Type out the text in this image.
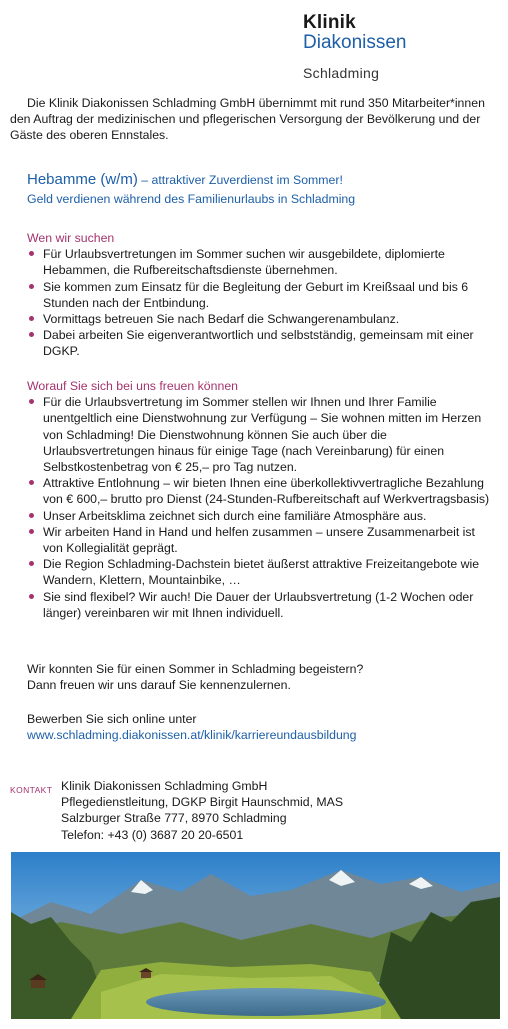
Klinik
Diakonissen
Schladming

Die Klinik Diakonissen Schladming GmbH übernimmt mit rund 350 Mitarbeiter*innen den Auftrag der medizinischen und pflegerischen Versorgung der Bevölkerung und der Gäste des oberen Ennstales.

Hebamme (w/m) – attraktiver Zuverdienst im Sommer!
Geld verdienen während des Familienurlaubs in Schladming

Wen wir suchen

Für Urlaubsvertretungen im Sommer suchen wir ausgebildete, diplomierte Hebammen, die Rufbereitschaftsdienste übernehmen.
Sie kommen zum Einsatz für die Begleitung der Geburt im Kreißsaal und bis 6 Stunden nach der Entbindung.
Vormittags betreuen Sie nach Bedarf die Schwangerenambulanz.
Dabei arbeiten Sie eigenverantwortlich und selbstständig, gemeinsam mit einer DGKP.

Worauf Sie sich bei uns freuen können

Für die Urlaubsvertretung im Sommer stellen wir Ihnen und Ihrer Familie unentgeltlich eine Dienstwohnung zur Verfügung – Sie wohnen mitten im Herzen von Schladming! Die Dienstwohnung können Sie auch über die Urlaubsvertretungen hinaus für einige Tage (nach Vereinbarung) für einen Selbstkostenbetrag von € 25,– pro Tag nutzen.
Attraktive Entlohnung – wir bieten Ihnen eine überkollektivvertragliche Bezahlung von € 600,– brutto pro Dienst (24-Stunden-Rufbereitschaft auf Werkvertragsbasis)
Unser Arbeitsklima zeichnet sich durch eine familiäre Atmosphäre aus.
Wir arbeiten Hand in Hand und helfen zusammen – unsere Zusammenarbeit ist von Kollegialität geprägt.
Die Region Schladming-Dachstein bietet äußerst attraktive Freizeitangebote wie Wandern, Klettern, Mountainbike, …
Sie sind flexibel? Wir auch! Die Dauer der Urlaubsvertretung (1-2 Wochen oder länger) vereinbaren wir mit Ihnen individuell.

Wir konnten Sie für einen Sommer in Schladming begeistern?

Dann freuen wir uns darauf Sie kennenzulernen.

Bewerben Sie sich online unter
www.schladming.diakonissen.at/klinik/karriereundausbildung
KONTAKT Klinik Diakonissen Schladming GmbH
Pflegedienstleitung, DGKP Birgit Haunschmid, MAS
Salzburger Straße 777, 8970 Schladming
Telefon: +43 (0) 3687 20 20-6501
